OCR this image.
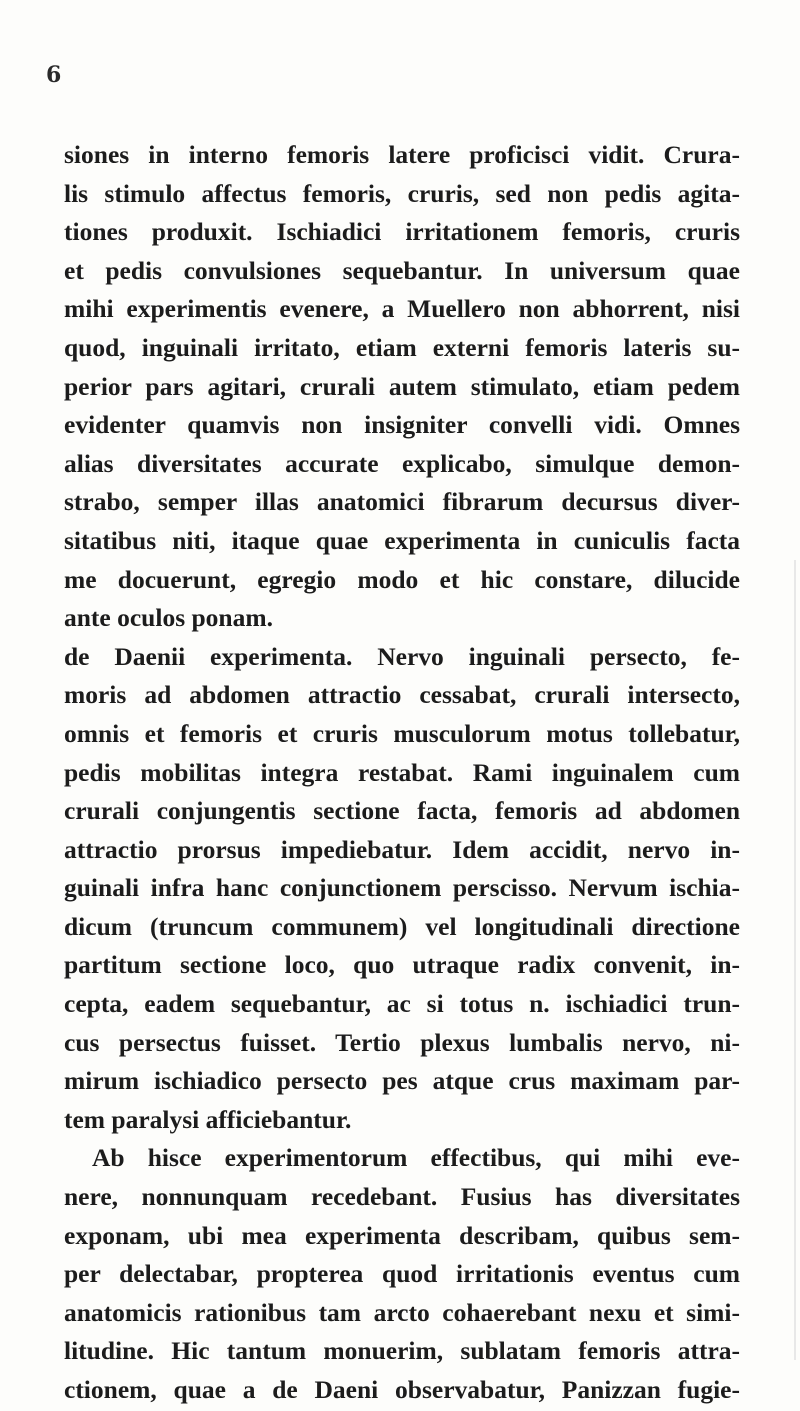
6
siones in interno femoris latere proficisci vidit. Crura-
lis stimulo affectus femoris, cruris, sed non pedis agita-
tiones produxit. Ischiadici irritationem femoris, cruris
et pedis convulsiones sequebantur. In universum quae
mihi experimentis evenere, a Muellero non abhorrent, nisi
quod, inguinali irritato, etiam externi femoris lateris su-
perior pars agitari, crurali autem stimulato, etiam pedem
evidenter quamvis non insigniter convelli vidi. Omnes
alias diversitates accurate explicabo, simulque demon-
strabo, semper illas anatomici fibrarum decursus diver-
sitatibus niti, itaque quae experimenta in cuniculis facta
me docuerunt, egregio modo et hic constare, dilucide
ante oculos ponam.
de Daenii experimenta. Nervo inguinali persecto, fe-
moris ad abdomen attractio cessabat, crurali intersecto,
omnis et femoris et cruris musculorum motus tollebatur,
pedis mobilitas integra restabat. Rami inguinalem cum
crurali conjungentis sectione facta, femoris ad abdomen
attractio prorsus impediebatur. Idem accidit, nervo in-
guinali infra hanc conjunctionem perscisso. Nervum ischia-
dicum (truncum communem) vel longitudinali directione
partitum sectione loco, quo utraque radix convenit, in-
cepta, eadem sequebantur, ac si totus n. ischiadici trun-
cus persectus fuisset. Tertio plexus lumbalis nervo, ni-
mirum ischiadico persecto pes atque crus maximam par-
tem paralysi afficiebantur.
Ab hisce experimentorum effectibus, qui mihi eve-
nere, nonnunquam recedebant. Fusius has diversitates
exponam, ubi mea experimenta describam, quibus sem-
per delectabar, propterea quod irritationis eventus cum
anatomicis rationibus tam arcto cohaerebant nexu et simi-
litudine. Hic tantum monuerim, sublatam femoris attra-
ctionem, quae a de Daeni observabatur, Panizzan fugie-
